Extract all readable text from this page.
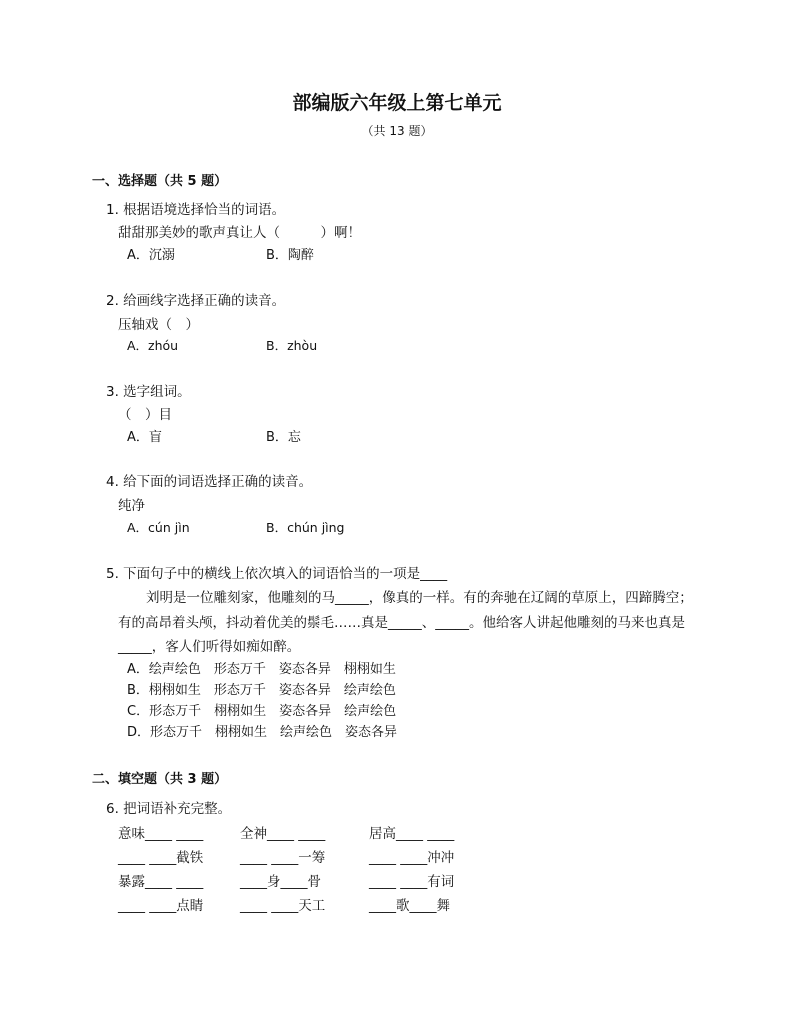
部编版六年级上第七单元
（共 13 题）
一、选择题（共 5 题）
1. 根据语境选择恰当的词语。
甜甜那美妙的歌声真让人（　　　）啊！
A．沉溺	B．陶醉
2. 给画线字选择正确的读音。
压轴戏（　）
A．zhóu	B．zhòu
3. 选字组词。
（　）目
A．盲	B．忘
4. 给下面的词语选择正确的读音。
纯净
A．cún jìn	B．chún jìng
5. 下面句子中的横线上依次填入的词语恰当的一项是____
刘明是一位雕刻家，他雕刻的马_____，像真的一样。有的奔驰在辽阔的草原上，四蹄腾空；
有的高昂着头颅，抖动着优美的鬃毛……真是_____、_____。他给客人讲起他雕刻的马来也真是
_____，客人们听得如痴如醉。
A．绘声绘色　形态万千　姿态各异　栩栩如生
B．栩栩如生　形态万千　姿态各异　绘声绘色
C．形态万千　栩栩如生　姿态各异　绘声绘色
D．形态万千　栩栩如生　绘声绘色　姿态各异
二、填空题（共 3 题）
6. 把词语补充完整。
意味____ ____	全神____ ____	居高____ ____
____ ____截铁	____ ____一筹	____ ____冲冲
暴露____ ____	____身____骨	____ ____有词
____ ____点睛	____ ____天工	____歌____舞
